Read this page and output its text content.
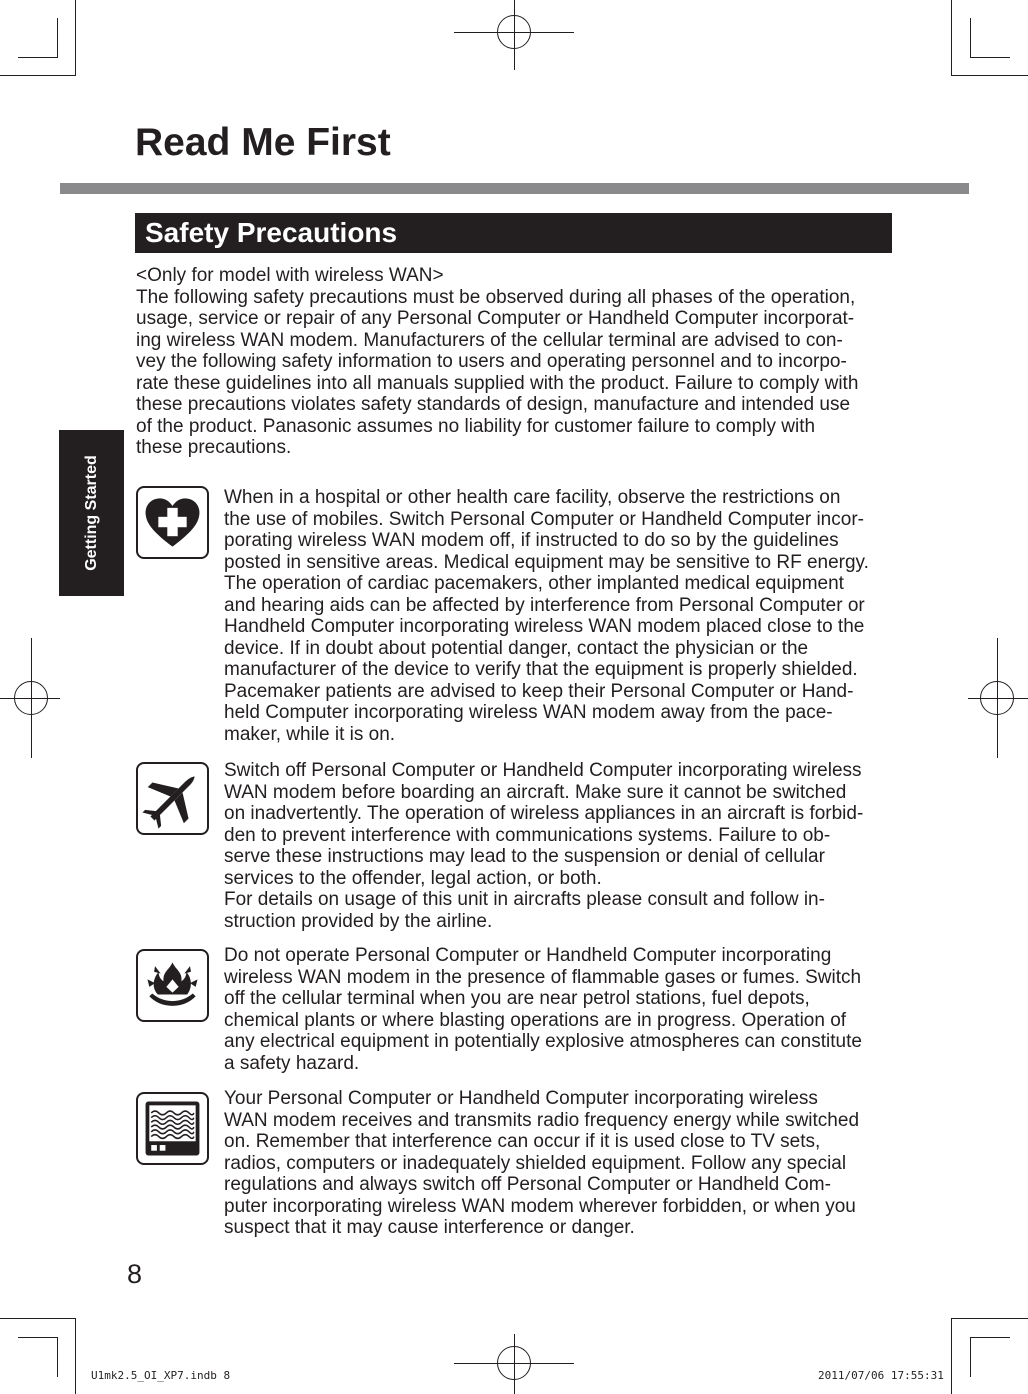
Read Me First
Safety Precautions
Getting Started

<Only for model with wireless WAN>
The following safety precautions must be observed during all phases of the operation,
usage, service or repair of any Personal Computer or Handheld Computer incorporat-
ing wireless WAN modem. Manufacturers of the cellular terminal are advised to con-
vey the following safety information to users and operating personnel and to incorpo-
rate these guidelines into all manuals supplied with the product. Failure to comply with
these precautions violates safety standards of design, manufacture and intended use
of the product. Panasonic assumes no liability for customer failure to comply with
these precautions.

When in a hospital or other health care facility, observe the restrictions on
the use of mobiles. Switch Personal Computer or Handheld Computer incor-
porating wireless WAN modem off, if instructed to do so by the guidelines
posted in sensitive areas. Medical equipment may be sensitive to RF energy.
The operation of cardiac pacemakers, other implanted medical equipment
and hearing aids can be affected by interference from Personal Computer or
Handheld Computer incorporating wireless WAN modem placed close to the
device. If in doubt about potential danger, contact the physician or the
manufacturer of the device to verify that the equipment is properly shielded.
Pacemaker patients are advised to keep their Personal Computer or Hand-
held Computer incorporating wireless WAN modem away from the pace-
maker, while it is on.

Switch off Personal Computer or Handheld Computer incorporating wireless
WAN modem before boarding an aircraft. Make sure it cannot be switched
on inadvertently. The operation of wireless appliances in an aircraft is forbid-
den to prevent interference with communications systems. Failure to ob-
serve these instructions may lead to the suspension or denial of cellular
services to the offender, legal action, or both.
For details on usage of this unit in aircrafts please consult and follow in-
struction provided by the airline.

Do not operate Personal Computer or Handheld Computer incorporating
wireless WAN modem in the presence of flammable gases or fumes. Switch
off the cellular terminal when you are near petrol stations, fuel depots,
chemical plants or where blasting operations are in progress. Operation of
any electrical equipment in potentially explosive atmospheres can constitute
a safety hazard.

Your Personal Computer or Handheld Computer incorporating wireless
WAN modem receives and transmits radio frequency energy while switched
on. Remember that interference can occur if it is used close to TV sets,
radios, computers or inadequately shielded equipment. Follow any special
regulations and always switch off Personal Computer or Handheld Com-
puter incorporating wireless WAN modem wherever forbidden, or when you
suspect that it may cause interference or danger.

8
U1mk2.5_OI_XP7.indb 8	2011/07/06 17:55:31
